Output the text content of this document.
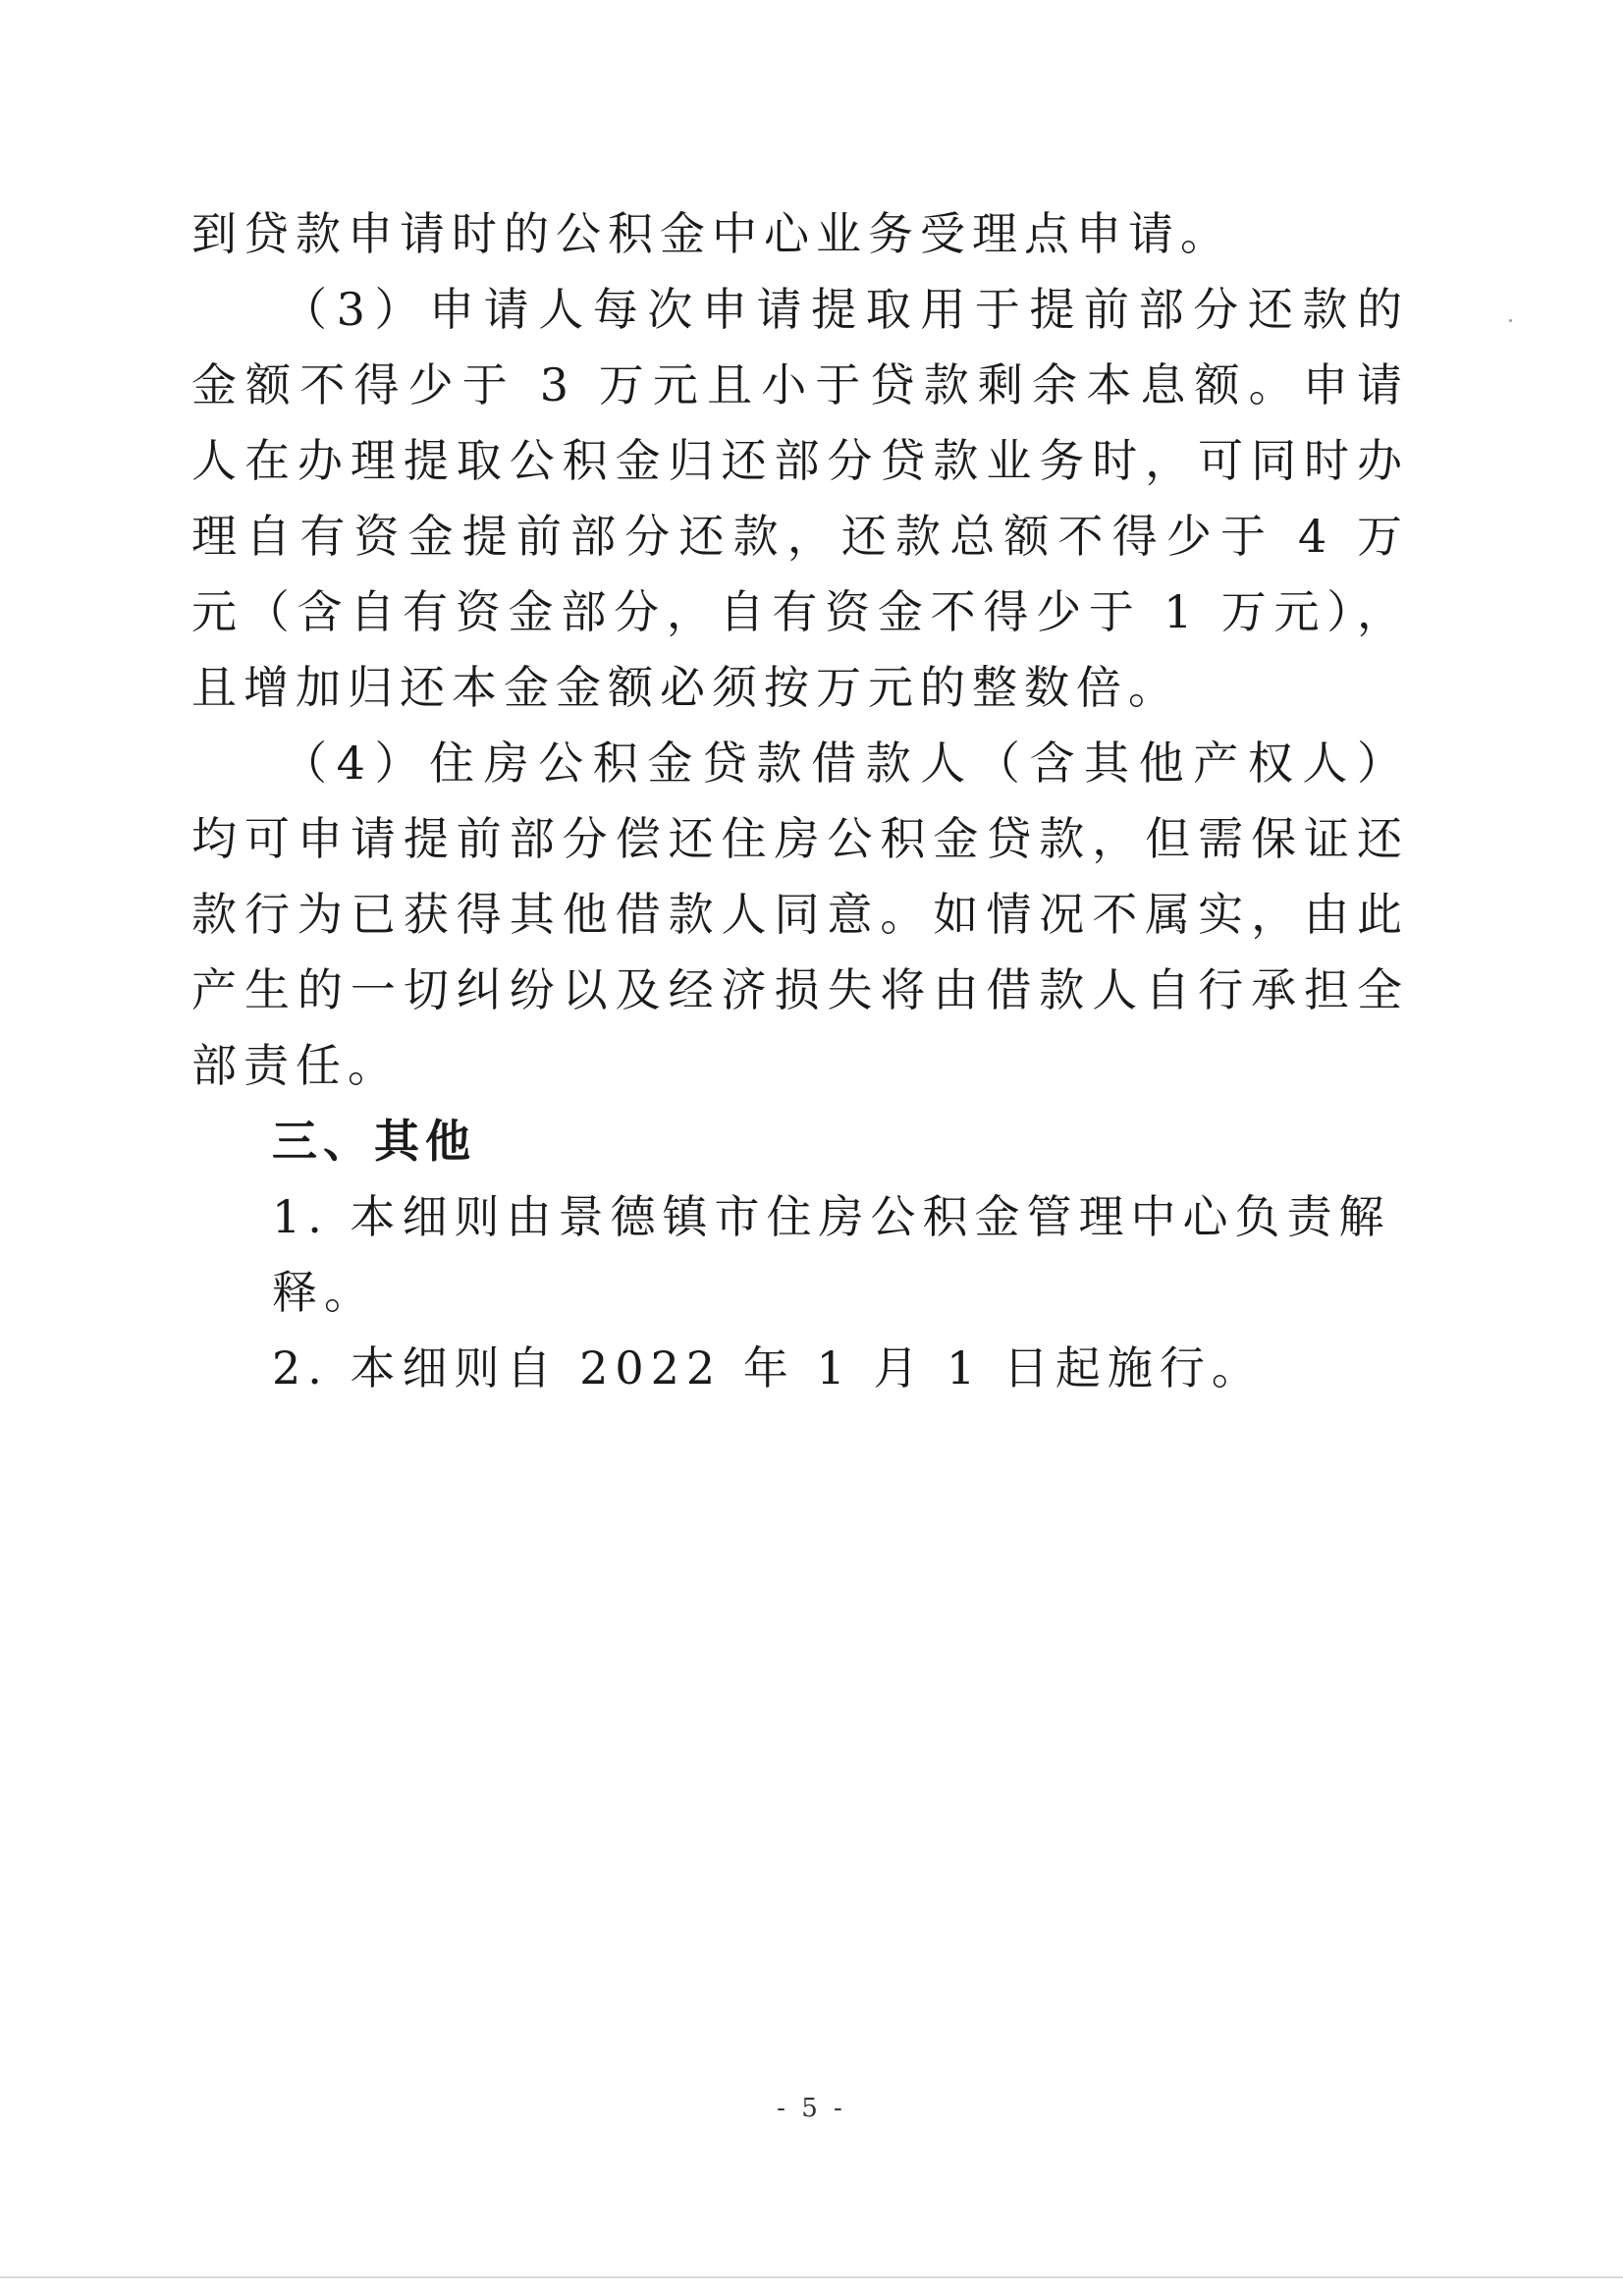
到贷款申请时的公积金中心业务受理点申请。

（3）申请人每次申请提取用于提前部分还款的金额不得少于 3 万元且小于贷款剩余本息额。申请人在办理提取公积金归还部分贷款业务时，可同时办理自有资金提前部分还款，还款总额不得少于 4 万元（含自有资金部分，自有资金不得少于 1 万元），且增加归还本金金额必须按万元的整数倍。

（4）住房公积金贷款借款人（含其他产权人）均可申请提前部分偿还住房公积金贷款，但需保证还款行为已获得其他借款人同意。如情况不属实，由此产生的一切纠纷以及经济损失将由借款人自行承担全部责任。

三、其他

1. 本细则由景德镇市住房公积金管理中心负责解释。

2. 本细则自 2022 年 1 月 1 日起施行。

- 5 -
